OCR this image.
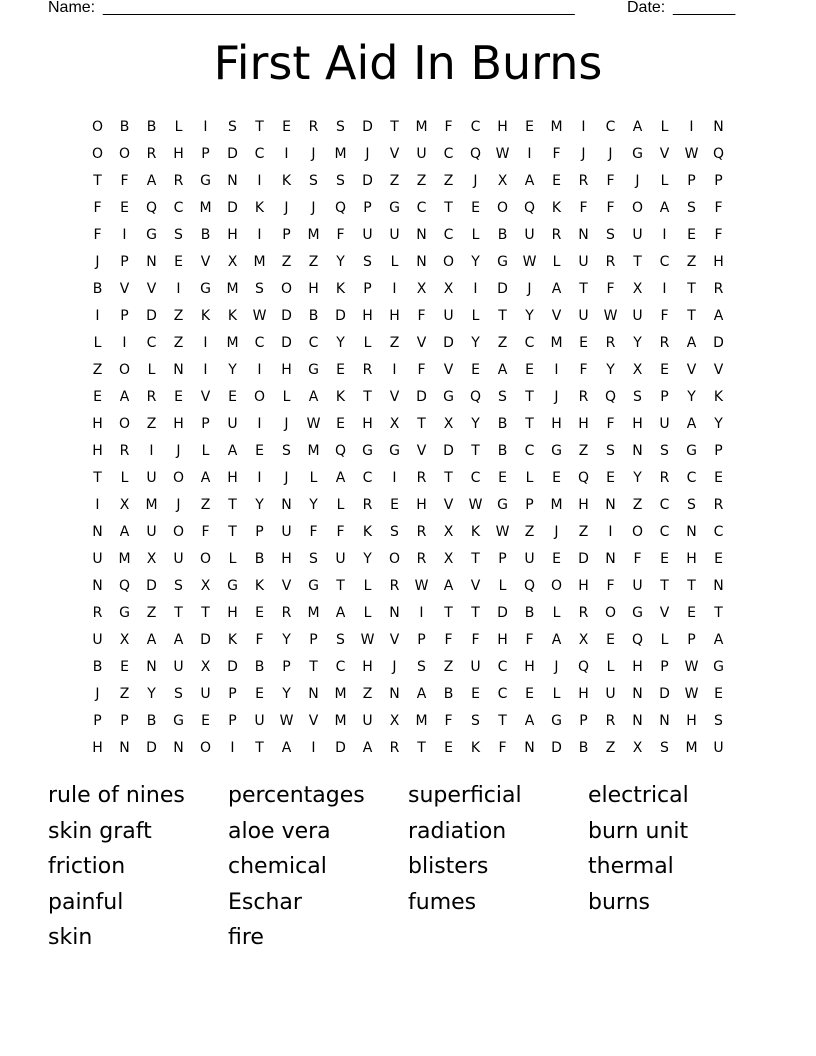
Name: _____________________________________________________	Date: _______
First Aid In Burns
O	B	B	L	I	S	T	E	R	S	D	T	M	F	C	H	E	M	I	C	A	L	I	N
O	O	R	H	P	D	C	I	J	M	J	V	U	C	Q	W	I	F	J	J	G	V	W	Q
T	F	A	R	G	N	I	K	S	S	D	Z	Z	Z	J	X	A	E	R	F	J	L	P	P
F	E	Q	C	M	D	K	J	J	Q	P	G	C	T	E	O	Q	K	F	F	O	A	S	F
F	I	G	S	B	H	I	P	M	F	U	U	N	C	L	B	U	R	N	S	U	I	E	F
J	P	N	E	V	X	M	Z	Z	Y	S	L	N	O	Y	G	W	L	U	R	T	C	Z	H
B	V	V	I	G	M	S	O	H	K	P	I	X	X	I	D	J	A	T	F	X	I	T	R
I	P	D	Z	K	K	W	D	B	D	H	H	F	U	L	T	Y	V	U	W	U	F	T	A
L	I	C	Z	I	M	C	D	C	Y	L	Z	V	D	Y	Z	C	M	E	R	Y	R	A	D
Z	O	L	N	I	Y	I	H	G	E	R	I	F	V	E	A	E	I	F	Y	X	E	V	V
E	A	R	E	V	E	O	L	A	K	T	V	D	G	Q	S	T	J	R	Q	S	P	Y	K
H	O	Z	H	P	U	I	J	W	E	H	X	T	X	Y	B	T	H	H	F	H	U	A	Y
H	R	I	J	L	A	E	S	M	Q	G	G	V	D	T	B	C	G	Z	S	N	S	G	P
T	L	U	O	A	H	I	J	L	A	C	I	R	T	C	E	L	E	Q	E	Y	R	C	E
I	X	M	J	Z	T	Y	N	Y	L	R	E	H	V	W	G	P	M	H	N	Z	C	S	R
N	A	U	O	F	T	P	U	F	F	K	S	R	X	K	W	Z	J	Z	I	O	C	N	C
U	M	X	U	O	L	B	H	S	U	Y	O	R	X	T	P	U	E	D	N	F	E	H	E
N	Q	D	S	X	G	K	V	G	T	L	R	W	A	V	L	Q	O	H	F	U	T	T	N
R	G	Z	T	T	H	E	R	M	A	L	N	I	T	T	D	B	L	R	O	G	V	E	T
U	X	A	A	D	K	F	Y	P	S	W	V	P	F	F	H	F	A	X	E	Q	L	P	A
B	E	N	U	X	D	B	P	T	C	H	J	S	Z	U	C	H	J	Q	L	H	P	W	G
J	Z	Y	S	U	P	E	Y	N	M	Z	N	A	B	E	C	E	L	H	U	N	D	W	E
P	P	B	G	E	P	U	W	V	M	U	X	M	F	S	T	A	G	P	R	N	N	H	S
H	N	D	N	O	I	T	A	I	D	A	R	T	E	K	F	N	D	B	Z	X	S	M	U
rule of nines	percentages	superficial	electrical
skin graft	aloe vera	radiation	burn unit
friction	chemical	blisters	thermal
painful	Eschar	fumes	burns
skin	fire
